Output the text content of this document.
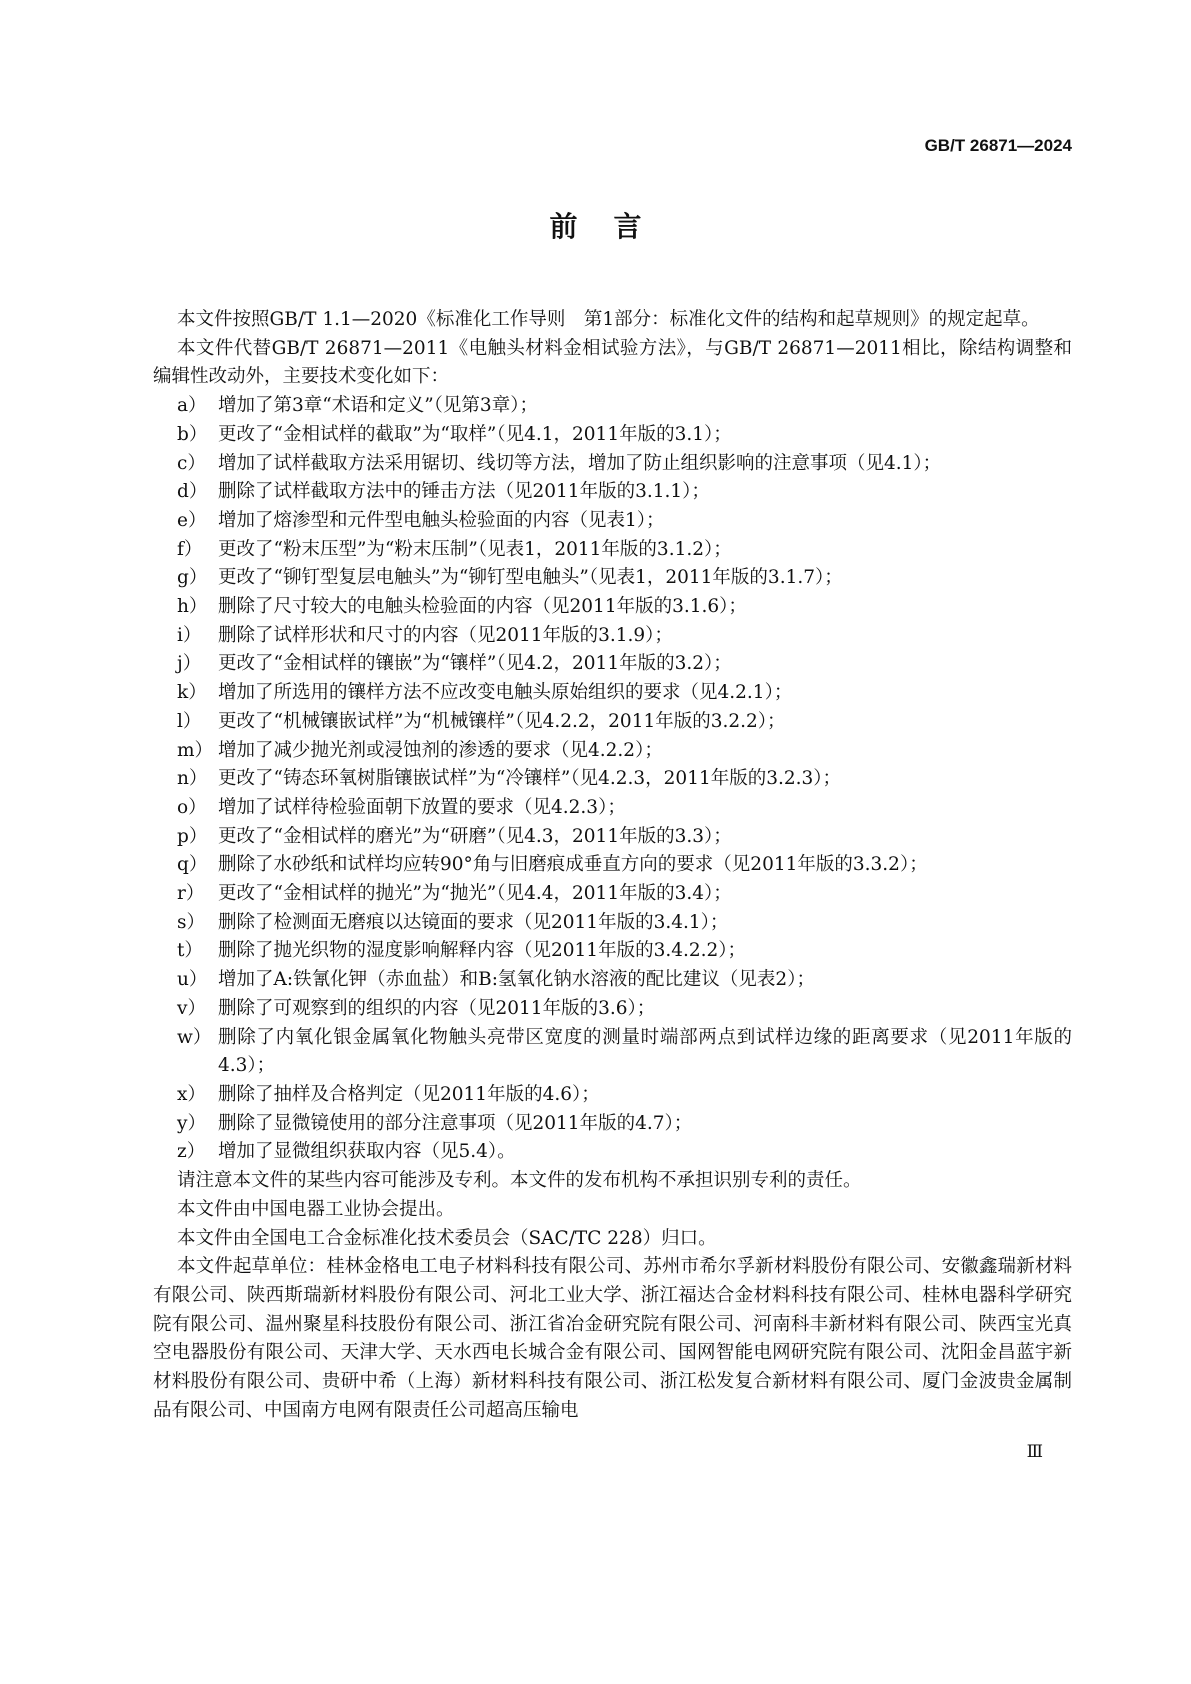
GB/T 26871—2024
前言

本文件按照GB/T 1.1—2020《标准化工作导则　第1部分：标准化文件的结构和起草规则》的规定起草。

本文件代替GB/T 26871—2011《电触头材料金相试验方法》，与GB/T 26871—2011相比，除结构调整和编辑性改动外，主要技术变化如下：

a） 增加了第3章“术语和定义”（见第3章）；
b） 更改了“金相试样的截取”为“取样”（见4.1，2011年版的3.1）；
c） 增加了试样截取方法采用锯切、线切等方法，增加了防止组织影响的注意事项（见4.1）；
d） 删除了试样截取方法中的锤击方法（见2011年版的3.1.1）；
e） 增加了熔渗型和元件型电触头检验面的内容（见表1）；
f） 更改了“粉末压型”为“粉末压制”（见表1，2011年版的3.1.2）；
g） 更改了“铆钉型复层电触头”为“铆钉型电触头”（见表1，2011年版的3.1.7）；
h） 删除了尺寸较大的电触头检验面的内容（见2011年版的3.1.6）；
i） 删除了试样形状和尺寸的内容（见2011年版的3.1.9）；
j） 更改了“金相试样的镶嵌”为“镶样”（见4.2，2011年版的3.2）；
k） 增加了所选用的镶样方法不应改变电触头原始组织的要求（见4.2.1）；
l） 更改了“机械镶嵌试样”为“机械镶样”（见4.2.2，2011年版的3.2.2）；
m） 增加了减少抛光剂或浸蚀剂的渗透的要求（见4.2.2）；
n） 更改了“铸态环氧树脂镶嵌试样”为“冷镶样”（见4.2.3，2011年版的3.2.3）；
o） 增加了试样待检验面朝下放置的要求（见4.2.3）；
p） 更改了“金相试样的磨光”为“研磨”（见4.3，2011年版的3.3）；
q） 删除了水砂纸和试样均应转90°角与旧磨痕成垂直方向的要求（见2011年版的3.3.2）；
r） 更改了“金相试样的抛光”为“抛光”（见4.4，2011年版的3.4）；
s） 删除了检测面无磨痕以达镜面的要求（见2011年版的3.4.1）；
t） 删除了抛光织物的湿度影响解释内容（见2011年版的3.4.2.2）；
u） 增加了A:铁氰化钾（赤血盐）和B:氢氧化钠水溶液的配比建议（见表2）；
v） 删除了可观察到的组织的内容（见2011年版的3.6）；
w） 删除了内氧化银金属氧化物触头亮带区宽度的测量时端部两点到试样边缘的距离要求（见2011年版的4.3）；
x） 删除了抽样及合格判定（见2011年版的4.6）；
y） 删除了显微镜使用的部分注意事项（见2011年版的4.7）；
z） 增加了显微组织获取内容（见5.4）。

请注意本文件的某些内容可能涉及专利。本文件的发布机构不承担识别专利的责任。

本文件由中国电器工业协会提出。

本文件由全国电工合金标准化技术委员会（SAC/TC 228）归口。

本文件起草单位：桂林金格电工电子材料科技有限公司、苏州市希尔孚新材料股份有限公司、安徽鑫瑞新材料有限公司、陕西斯瑞新材料股份有限公司、河北工业大学、浙江福达合金材料科技有限公司、桂林电器科学研究院有限公司、温州聚星科技股份有限公司、浙江省冶金研究院有限公司、河南科丰新材料有限公司、陕西宝光真空电器股份有限公司、天津大学、天水西电长城合金有限公司、国网智能电网研究院有限公司、沈阳金昌蓝宇新材料股份有限公司、贵研中希（上海）新材料科技有限公司、浙江松发复合新材料有限公司、厦门金波贵金属制品有限公司、中国南方电网有限责任公司超高压输电

Ⅲ
